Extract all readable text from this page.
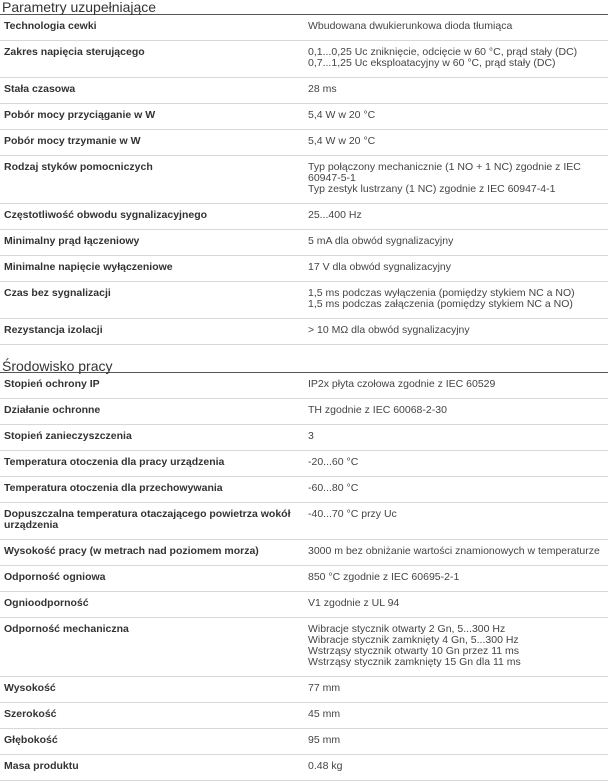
Parametry uzupełniające
Technologia cewki	Wbudowana dwukierunkowa dioda tłumiąca
Zakres napięcia sterującego	0,1...0,25 Uc zniknięcie, odcięcie w 60 °C, prąd stały (DC)
0,7...1,25 Uc eksploatacyjny w 60 °C, prąd stały (DC)
Stała czasowa	28 ms
Pobór mocy przyciąganie w W	5,4 W w 20 °C
Pobór mocy trzymanie w W	5,4 W w 20 °C
Rodzaj styków pomocniczych	Typ połączony mechanicznie (1 NO + 1 NC) zgodnie z IEC 60947-5-1
Typ zestyk lustrzany (1 NC) zgodnie z IEC 60947-4-1
Częstotliwość obwodu sygnalizacyjnego	25...400 Hz
Minimalny prąd łączeniowy	5 mA dla obwód sygnalizacyjny
Minimalne napięcie wyłączeniowe	17 V dla obwód sygnalizacyjny
Czas bez sygnalizacji	1,5 ms podczas wyłączenia (pomiędzy stykiem NC a NO)
1,5 ms podczas załączenia (pomiędzy stykiem NC a NO)
Rezystancja izolacji	> 10 MΩ dla obwód sygnalizacyjny
Środowisko pracy
Stopień ochrony IP	IP2x płyta czołowa zgodnie z IEC 60529
Działanie ochronne	TH zgodnie z IEC 60068-2-30
Stopień zanieczyszczenia	3
Temperatura otoczenia dla pracy urządzenia	-20...60 °C
Temperatura otoczenia dla przechowywania	-60...80 °C
Dopuszczalna temperatura otaczającego powietrza wokół urządzenia	-40...70 °C przy Uc
Wysokość pracy (w metrach nad poziomem morza)	3000 m bez obniżanie wartości znamionowych w temperaturze
Odporność ogniowa	850 °C zgodnie z IEC 60695-2-1
Ognioodporność	V1 zgodnie z UL 94
Odporność mechaniczna	Wibracje stycznik otwarty 2 Gn, 5...300 Hz
Wibracje stycznik zamknięty 4 Gn, 5...300 Hz
Wstrząsy stycznik otwarty 10 Gn przez 11 ms
Wstrząsy stycznik zamknięty 15 Gn dla 11 ms
Wysokość	77 mm
Szerokość	45 mm
Głębokość	95 mm
Masa produktu	0.48 kg
